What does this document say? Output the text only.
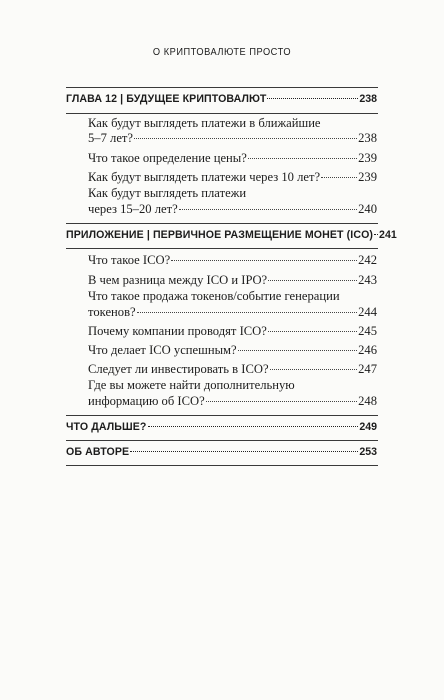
О КРИПТОВАЛЮТЕ ПРОСТО
ГЛАВА 12 | БУДУЩЕЕ КРИПТОВАЛЮТ	238
Как будут выглядеть платежи в ближайшие
5–7 лет?	238
Что такое определение цены?	239
Как будут выглядеть платежи через 10 лет?	239
Как будут выглядеть платежи
через 15–20 лет?	240
ПРИЛОЖЕНИЕ | ПЕРВИЧНОЕ РАЗМЕЩЕНИЕ МОНЕТ (ICO) 241
Что такое ICO?	242
В чем разница между ICO и IPO?	243
Что такое продажа токенов/событие генерации
токенов?	244
Почему компании проводят ICO?	245
Что делает ICO успешным?	246
Следует ли инвестировать в ICO?	247
Где вы можете найти дополнительную
информацию об ICO?	248
ЧТО ДАЛЬШЕ?	249
ОБ АВТОРЕ	253
